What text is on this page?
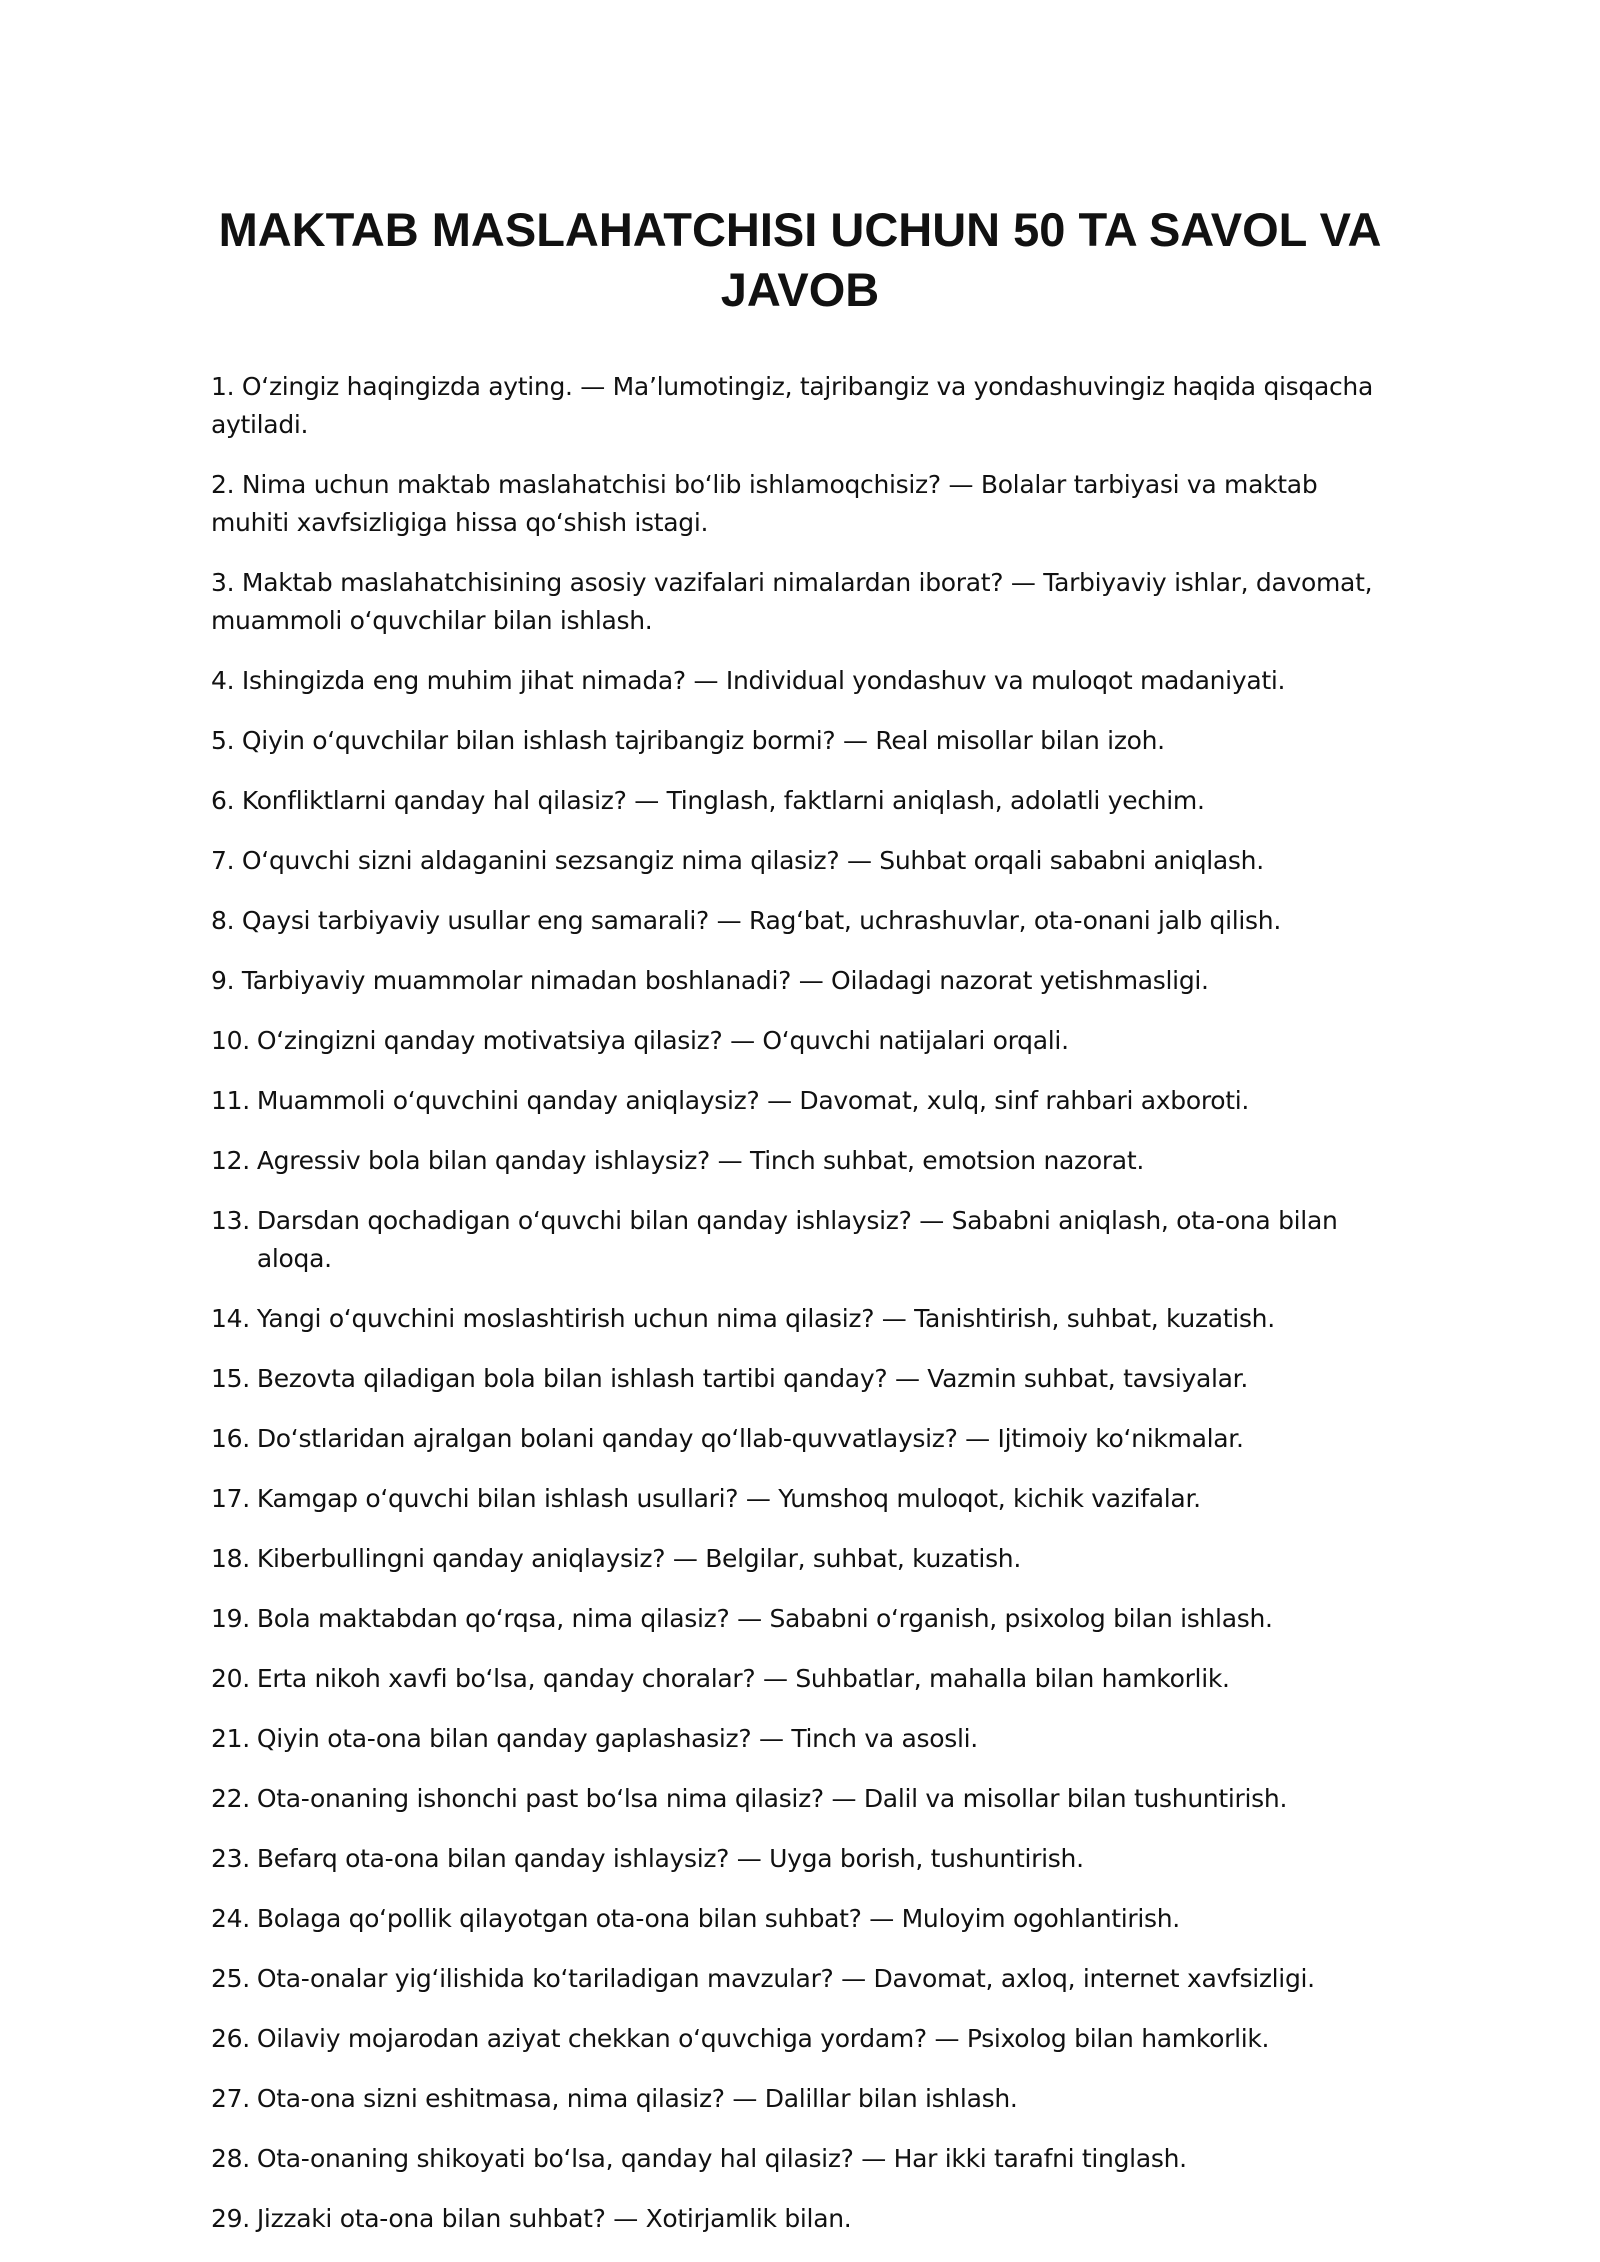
MAKTAB MASLAHATCHISI UCHUN 50 TA SAVOL VA JAVOB
1. O‘zingiz haqingizda ayting. — Ma’lumotingiz, tajribangiz va yondashuvingiz haqida qisqacha aytiladi.
2. Nima uchun maktab maslahatchisi bo‘lib ishlamoqchisiz? — Bolalar tarbiyasi va maktab muhiti xavfsizligiga hissa qo‘shish istagi.
3. Maktab maslahatchisining asosiy vazifalari nimalardan iborat? — Tarbiyaviy ishlar, davomat, muammoli o‘quvchilar bilan ishlash.
4. Ishingizda eng muhim jihat nimada? — Individual yondashuv va muloqot madaniyati.
5. Qiyin o‘quvchilar bilan ishlash tajribangiz bormi? — Real misollar bilan izoh.
6. Konfliktlarni qanday hal qilasiz? — Tinglash, faktlarni aniqlash, adolatli yechim.
7. O‘quvchi sizni aldaganini sezsangiz nima qilasiz? — Suhbat orqali sababni aniqlash.
8. Qaysi tarbiyaviy usullar eng samarali? — Rag‘bat, uchrashuvlar, ota-onani jalb qilish.
9. Tarbiyaviy muammolar nimadan boshlanadi? — Oiladagi nazorat yetishmasligi.
10. O‘zingizni qanday motivatsiya qilasiz? — O‘quvchi natijalari orqali.
11. Muammoli o‘quvchini qanday aniqlaysiz? — Davomat, xulq, sinf rahbari axboroti.
12. Agressiv bola bilan qanday ishlaysiz? — Tinch suhbat, emotsion nazorat.
13. Darsdan qochadigan o‘quvchi bilan qanday ishlaysiz? — Sababni aniqlash, ota-ona bilan aloqa.
14. Yangi o‘quvchini moslashtirish uchun nima qilasiz? — Tanishtirish, suhbat, kuzatish.
15. Bezovta qiladigan bola bilan ishlash tartibi qanday? — Vazmin suhbat, tavsiyalar.
16. Do‘stlaridan ajralgan bolani qanday qo‘llab-quvvatlaysiz? — Ijtimoiy ko‘nikmalar.
17. Kamgap o‘quvchi bilan ishlash usullari? — Yumshoq muloqot, kichik vazifalar.
18. Kiberbullingni qanday aniqlaysiz? — Belgilar, suhbat, kuzatish.
19. Bola maktabdan qo‘rqsa, nima qilasiz? — Sababni o‘rganish, psixolog bilan ishlash.
20. Erta nikoh xavfi bo‘lsa, qanday choralar? — Suhbatlar, mahalla bilan hamkorlik.
21. Qiyin ota-ona bilan qanday gaplashasiz? — Tinch va asosli.
22. Ota-onaning ishonchi past bo‘lsa nima qilasiz? — Dalil va misollar bilan tushuntirish.
23. Befarq ota-ona bilan qanday ishlaysiz? — Uyga borish, tushuntirish.
24. Bolaga qo‘pollik qilayotgan ota-ona bilan suhbat? — Muloyim ogohlantirish.
25. Ota-onalar yig‘ilishida ko‘tariladigan mavzular? — Davomat, axloq, internet xavfsizligi.
26. Oilaviy mojarodan aziyat chekkan o‘quvchiga yordam? — Psixolog bilan hamkorlik.
27. Ota-ona sizni eshitmasa, nima qilasiz? — Dalillar bilan ishlash.
28. Ota-onaning shikoyati bo‘lsa, qanday hal qilasiz? — Har ikki tarafni tinglash.
29. Jizzaki ota-ona bilan suhbat? — Xotirjamlik bilan.
